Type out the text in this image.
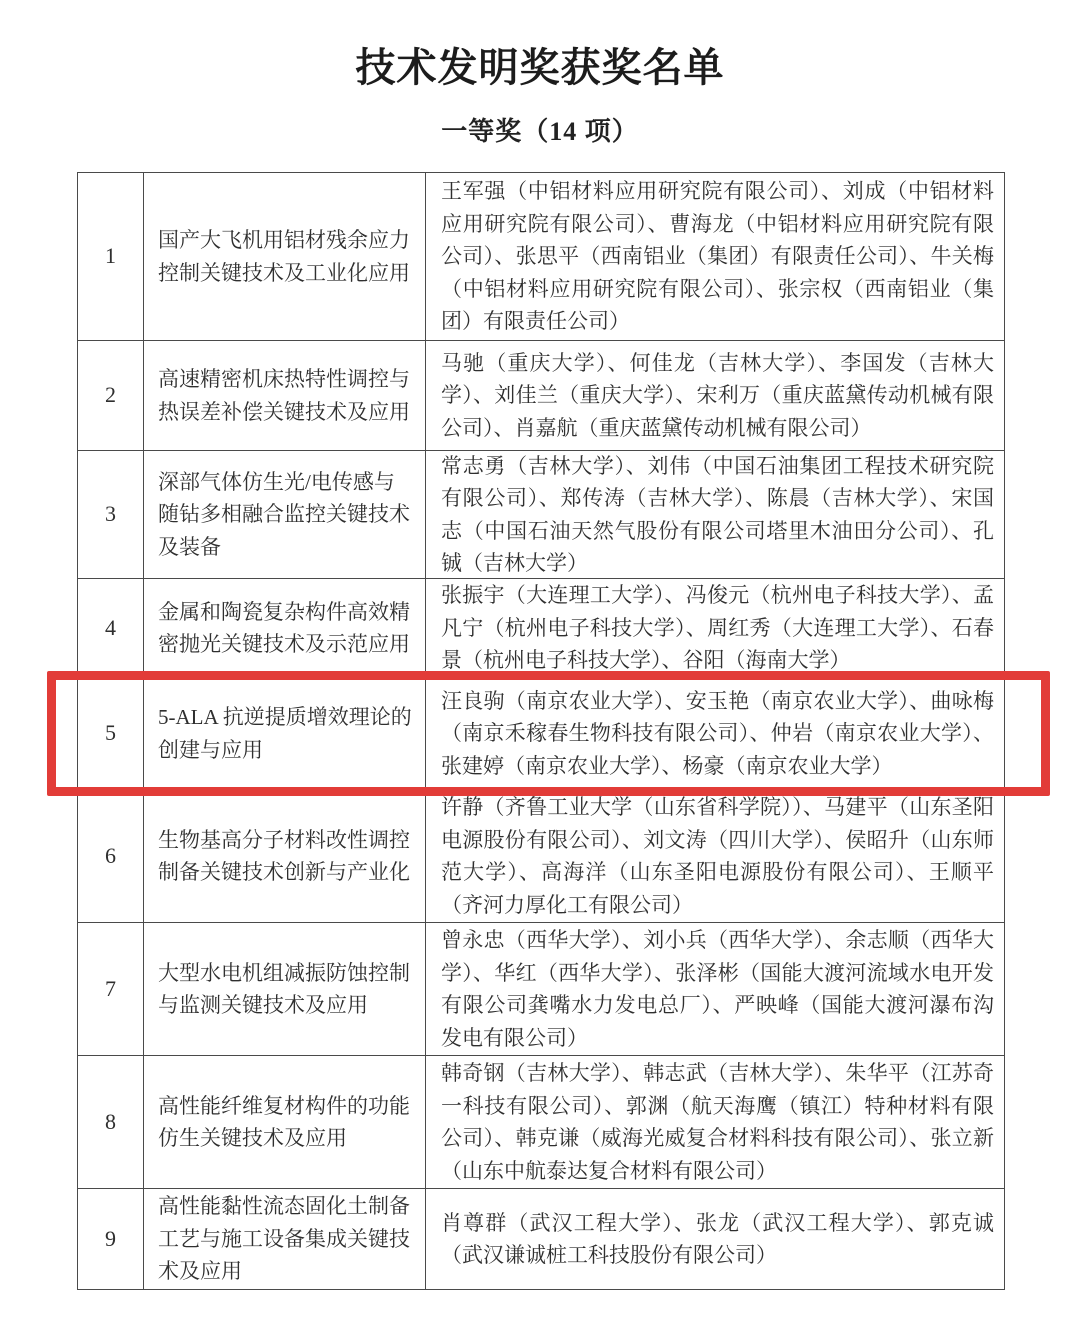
技术发明奖获奖名单
一等奖（14 项）
1
国产大飞机用铝材残余应力控制关键技术及工业化应用
王军强（中铝材料应用研究院有限公司）、刘成（中铝材料应用研究院有限公司）、曹海龙（中铝材料应用研究院有限公司）、张思平（西南铝业（集团）有限责任公司）、牛关梅（中铝材料应用研究院有限公司）、张宗权（西南铝业（集团）有限责任公司）
2
高速精密机床热特性调控与热误差补偿关键技术及应用
马驰（重庆大学）、何佳龙（吉林大学）、李国发（吉林大学）、刘佳兰（重庆大学）、宋利万（重庆蓝黛传动机械有限公司）、肖嘉航（重庆蓝黛传动机械有限公司）
3
深部气体仿生光/电传感与随钻多相融合监控关键技术及装备
常志勇（吉林大学）、刘伟（中国石油集团工程技术研究院有限公司）、郑传涛（吉林大学）、陈晨（吉林大学）、宋国志（中国石油天然气股份有限公司塔里木油田分公司）、孔铖（吉林大学）
4
金属和陶瓷复杂构件高效精密抛光关键技术及示范应用
张振宇（大连理工大学）、冯俊元（杭州电子科技大学）、孟凡宁（杭州电子科技大学）、周红秀（大连理工大学）、石春景（杭州电子科技大学）、谷阳（海南大学）
5
5-ALA 抗逆提质增效理论的创建与应用
汪良驹（南京农业大学）、安玉艳（南京农业大学）、曲咏梅（南京禾稼春生物科技有限公司）、仲岩（南京农业大学）、张建婷（南京农业大学）、杨豪（南京农业大学）
6
生物基高分子材料改性调控制备关键技术创新与产业化
许静（齐鲁工业大学（山东省科学院））、马建平（山东圣阳电源股份有限公司）、刘文涛（四川大学）、侯昭升（山东师范大学）、高海洋（山东圣阳电源股份有限公司）、王顺平（齐河力厚化工有限公司）
7
大型水电机组减振防蚀控制与监测关键技术及应用
曾永忠（西华大学）、刘小兵（西华大学）、余志顺（西华大学）、华红（西华大学）、张泽彬（国能大渡河流域水电开发有限公司龚嘴水力发电总厂）、严映峰（国能大渡河瀑布沟发电有限公司）
8
高性能纤维复材构件的功能仿生关键技术及应用
韩奇钢（吉林大学）、韩志武（吉林大学）、朱华平（江苏奇一科技有限公司）、郭渊（航天海鹰（镇江）特种材料有限公司）、韩克谦（威海光威复合材料科技有限公司）、张立新（山东中航泰达复合材料有限公司）
9
高性能黏性流态固化土制备工艺与施工设备集成关键技术及应用
肖尊群（武汉工程大学）、张龙（武汉工程大学）、郭克诚（武汉谦诚桩工科技股份有限公司）
